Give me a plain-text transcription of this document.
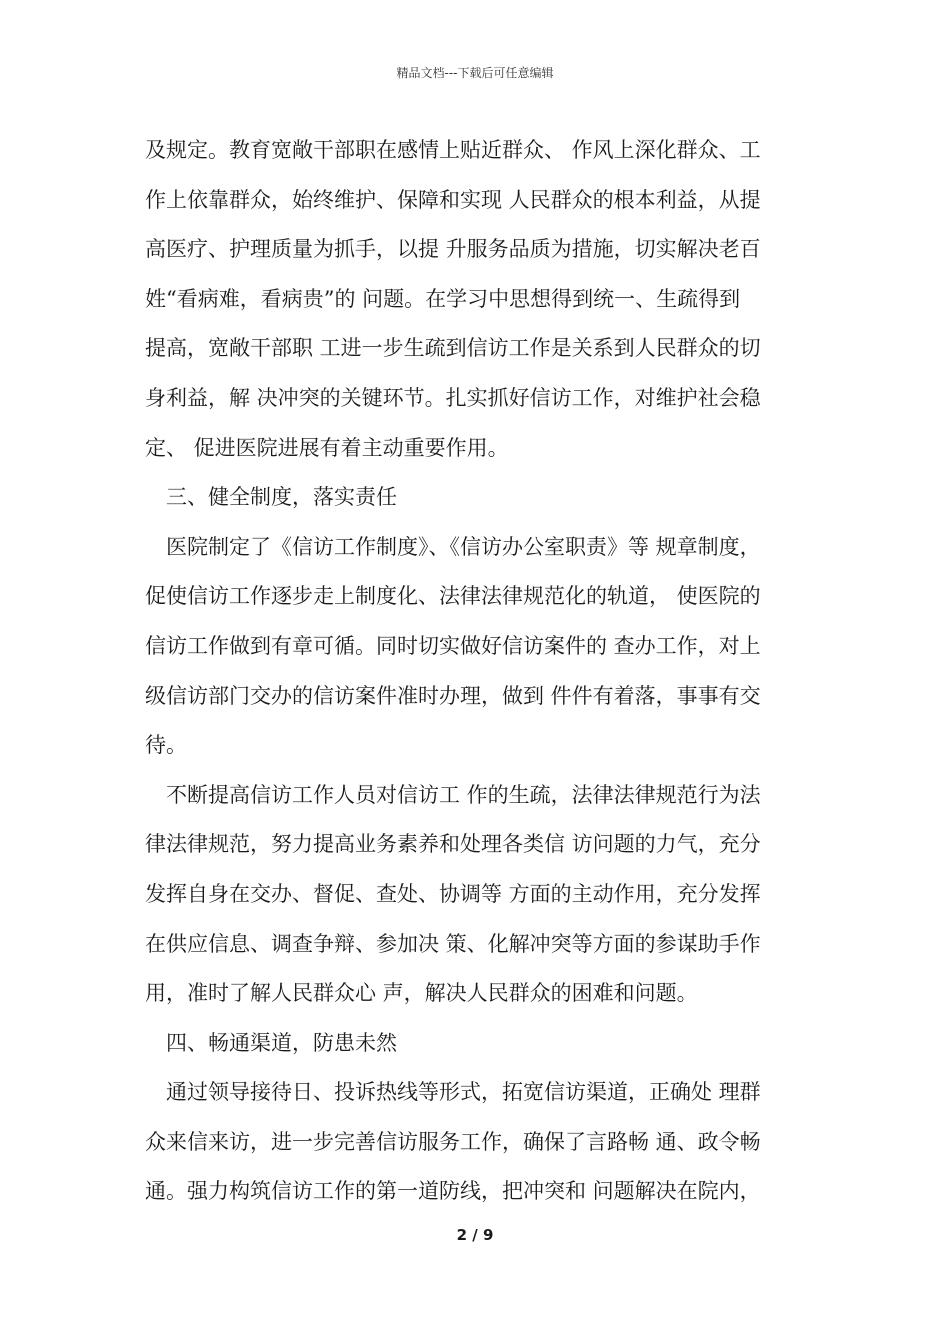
精品文档---下载后可任意编辑
及规定。教育宽敞干部职在感情上贴近群众、 作风上深化群众、工
作上依靠群众，始终维护、保障和实现 人民群众的根本利益，从提
高医疗、护理质量为抓手，以提 升服务品质为措施，切实解决老百
姓“看病难，看病贵”的 问题。在学习中思想得到统一、生疏得到
提高，宽敞干部职 工进一步生疏到信访工作是关系到人民群众的切
身利益，解 决冲突的关键环节。扎实抓好信访工作，对维护社会稳
定、 促进医院进展有着主动重要作用。
三、健全制度，落实责任
医院制定了《信访工作制度》、《信访办公室职责》等 规章制度，
促使信访工作逐步走上制度化、法律法律规范化的轨道， 使医院的
信访工作做到有章可循。同时切实做好信访案件的 查办工作，对上
级信访部门交办的信访案件准时办理，做到 件件有着落，事事有交
待。
不断提高信访工作人员对信访工 作的生疏，法律法律规范行为法
律法律规范，努力提高业务素养和处理各类信 访问题的力气，充分
发挥自身在交办、督促、查处、协调等 方面的主动作用，充分发挥
在供应信息、调查争辩、参加决 策、化解冲突等方面的参谋助手作
用，准时了解人民群众心 声，解决人民群众的困难和问题。
四、畅通渠道，防患未然
通过领导接待日、投诉热线等形式，拓宽信访渠道，正确处 理群
众来信来访，进一步完善信访服务工作，确保了言路畅 通、政令畅
通。强力构筑信访工作的第一道防线，把冲突和 问题解决在院内，
2 / 9
